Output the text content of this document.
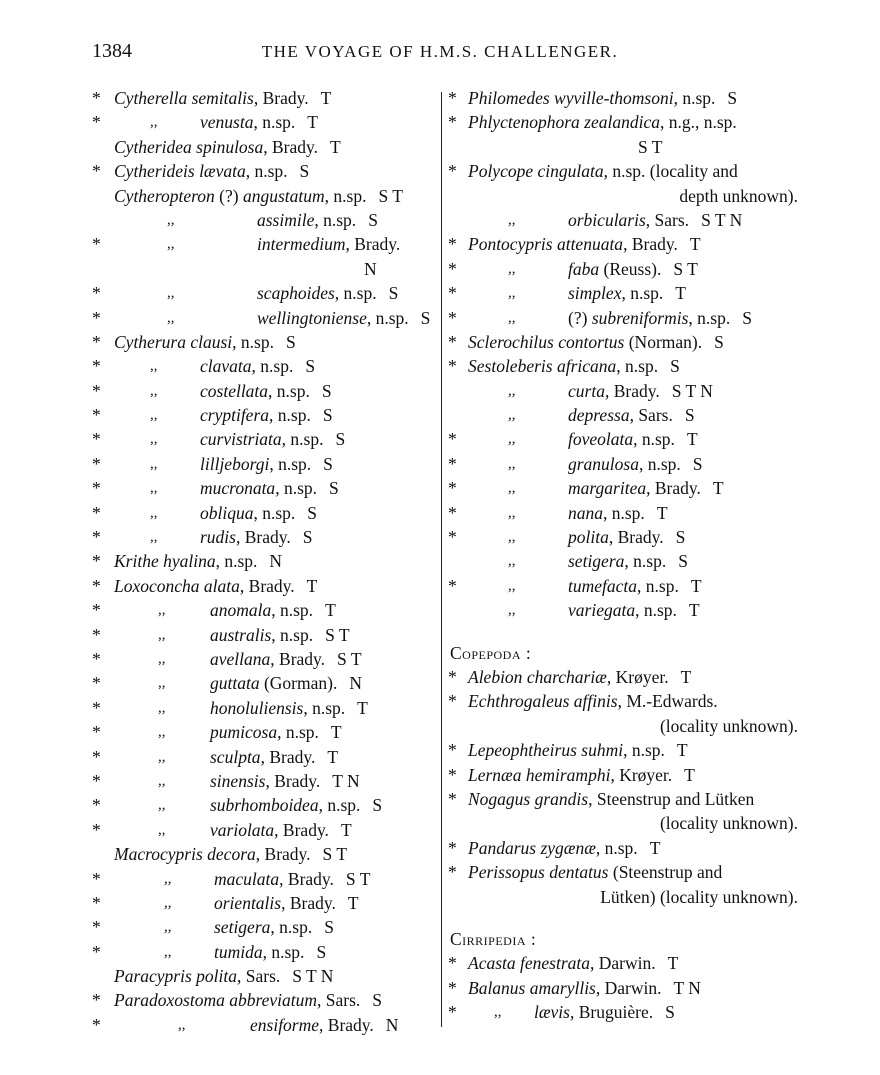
1384	THE VOYAGE OF H.M.S. CHALLENGER.
* Cytherella semitalis, Brady. T
*	,, venusta, n.sp. T
Cytheridea spinulosa, Brady. T
* Cytherideis lævata, n.sp. S
Cytheropteron (?) angustatum, n.sp. S T
,,	assimile, n.sp. S
*	,,	intermedium, Brady.
N
*	,,	scaphoides, n.sp. S
*	,,	wellingtoniense, n.sp. S
* Cytherura clausi, n.sp. S
*	,, clavata, n.sp. S
*	,, costellata, n.sp. S
*	,, cryptifera, n.sp. S
*	,, curvistriata, n.sp. S
*	,, lilljeborgi, n.sp. S
*	,, mucronata, n.sp. S
*	,, obliqua, n.sp. S
*	,, rudis, Brady. S
* Krithe hyalina, n.sp. N
* Loxoconcha alata, Brady. T
*	,,	anomala, n.sp. T
*	,,	australis, n.sp. S T
*	,,	avellana, Brady. S T
*	,,	guttata (Gorman). N
*	,,	honoluliensis, n.sp. T
*	,,	pumicosa, n.sp. T
*	,,	sculpta, Brady. T
*	,,	sinensis, Brady. T N
*	,,	subrhomboidea, n.sp. S
*	,,	variolata, Brady. T
Macrocypris decora, Brady. S T
*	,, maculata, Brady. S T
*	,, orientalis, Brady. T
*	,, setigera, n.sp. S
*	,, tumida, n.sp. S
Paracypris polita, Sars. S T N
* Paradoxostoma abbreviatum, Sars. S
*	,,	ensiforme, Brady. N
* Philomedes wyville-thomsoni, n.sp. S
* Phlyctenophora zealandica, n.g., n.sp.
S T
* Polycope cingulata, n.sp. (locality and
depth unknown).
,,	orbicularis, Sars. S T N
* Pontocypris attenuata, Brady. T
*	,,	faba (Reuss). S T
*	,,	simplex, n.sp. T
*	,,	(?) subreniformis, n.sp. S
* Sclerochilus contortus (Norman). S
* Sestoleberis africana, n.sp. S
,,	curta, Brady. S T N
,,	depressa, Sars. S
*	,,	foveolata, n.sp. T
*	,,	granulosa, n.sp. S
*	,,	margaritea, Brady. T
*	,,	nana, n.sp. T
*	,,	polita, Brady. S
,,	setigera, n.sp. S
*	,,	tumefacta, n.sp. T
,,	variegata, n.sp. T
Copepoda :
* Alebion charchariæ, Krøyer. T
* Echthrogaleus affinis, M.-Edwards.
(locality unknown).
* Lepeophtheirus suhmi, n.sp. T
* Lernæa hemiramphi, Krøyer. T
* Nogagus grandis, Steenstrup and Lütken
(locality unknown).
* Pandarus zygænæ, n.sp. T
* Perissopus dentatus (Steenstrup and
Lütken) (locality unknown).
Cirripedia :
* Acasta fenestrata, Darwin. T
* Balanus amaryllis, Darwin. T N
* ,, lævis, Bruguière. S
